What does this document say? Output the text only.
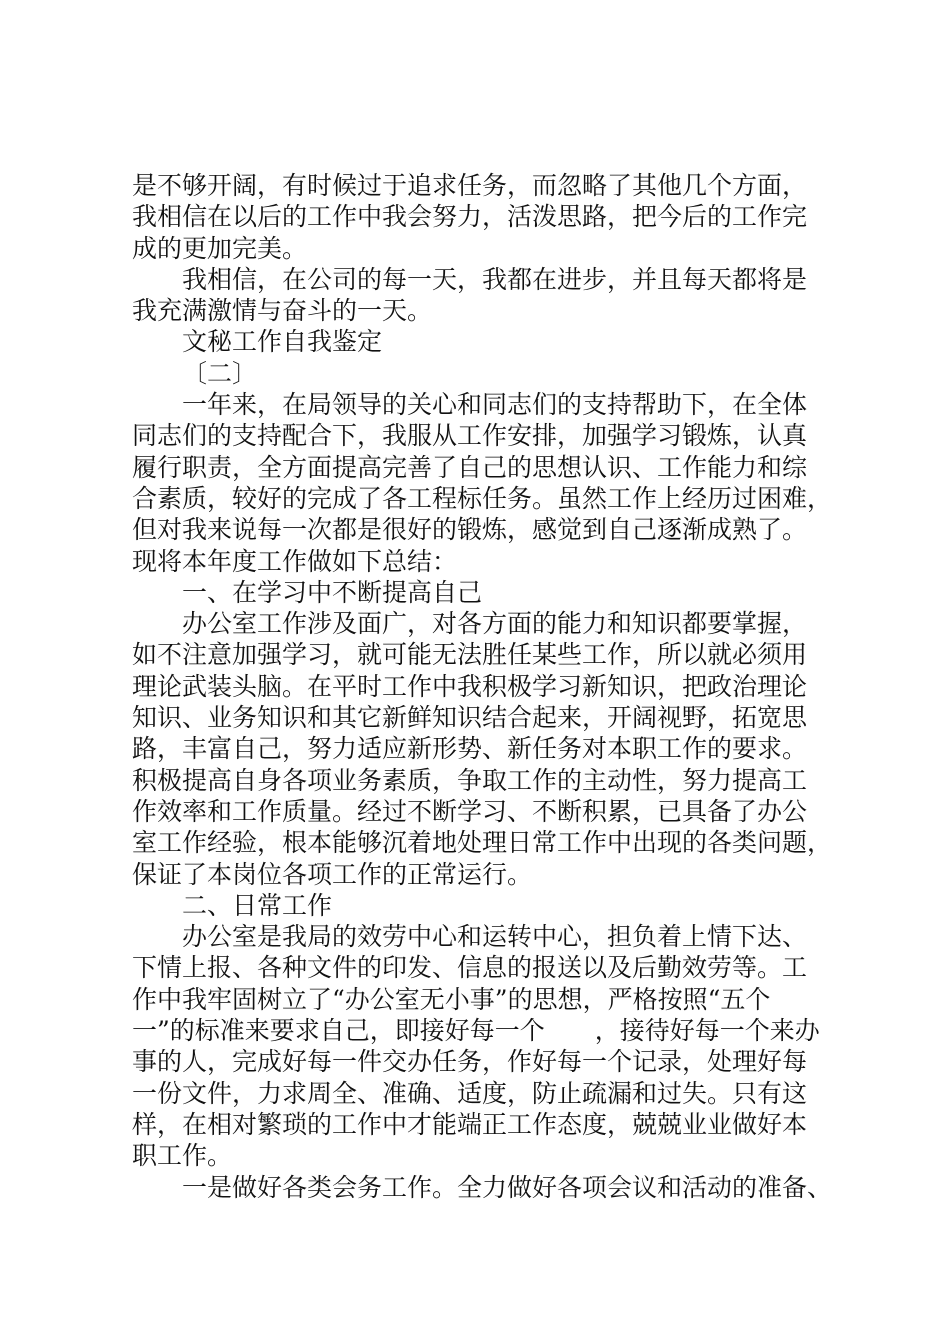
是不够开阔，有时候过于追求任务，而忽略了其他几个方面，
我相信在以后的工作中我会努力，活泼思路，把今后的工作完
成的更加完美。
我相信，在公司的每一天，我都在进步，并且每天都将是
我充满激情与奋斗的一天。
文秘工作自我鉴定
〔二〕
一年来，在局领导的关心和同志们的支持帮助下，在全体
同志们的支持配合下，我服从工作安排，加强学习锻炼，认真
履行职责，全方面提高完善了自己的思想认识、工作能力和综
合素质，较好的完成了各工程标任务。虽然工作上经历过困难，
但对我来说每一次都是很好的锻炼，感觉到自己逐渐成熟了。
现将本年度工作做如下总结：
一、在学习中不断提高自己
办公室工作涉及面广，对各方面的能力和知识都要掌握，
如不注意加强学习，就可能无法胜任某些工作，所以就必须用
理论武装头脑。在平时工作中我积极学习新知识，把政治理论
知识、业务知识和其它新鲜知识结合起来，开阔视野，拓宽思
路，丰富自己，努力适应新形势、新任务对本职工作的要求。
积极提高自身各项业务素质，争取工作的主动性，努力提高工
作效率和工作质量。经过不断学习、不断积累，已具备了办公
室工作经验，根本能够沉着地处理日常工作中出现的各类问题，
保证了本岗位各项工作的正常运行。
二、日常工作
办公室是我局的效劳中心和运转中心，担负着上情下达、
下情上报、各种文件的印发、信息的报送以及后勤效劳等。工
作中我牢固树立了“办公室无小事”的思想，严格按照“五个
一”的标准来要求自己，即接好每一个　　，接待好每一个来办
事的人，完成好每一件交办任务，作好每一个记录，处理好每
一份文件，力求周全、准确、适度，防止疏漏和过失。只有这
样，在相对繁琐的工作中才能端正工作态度，兢兢业业做好本
职工作。
一是做好各类会务工作。全力做好各项会议和活动的准备、
